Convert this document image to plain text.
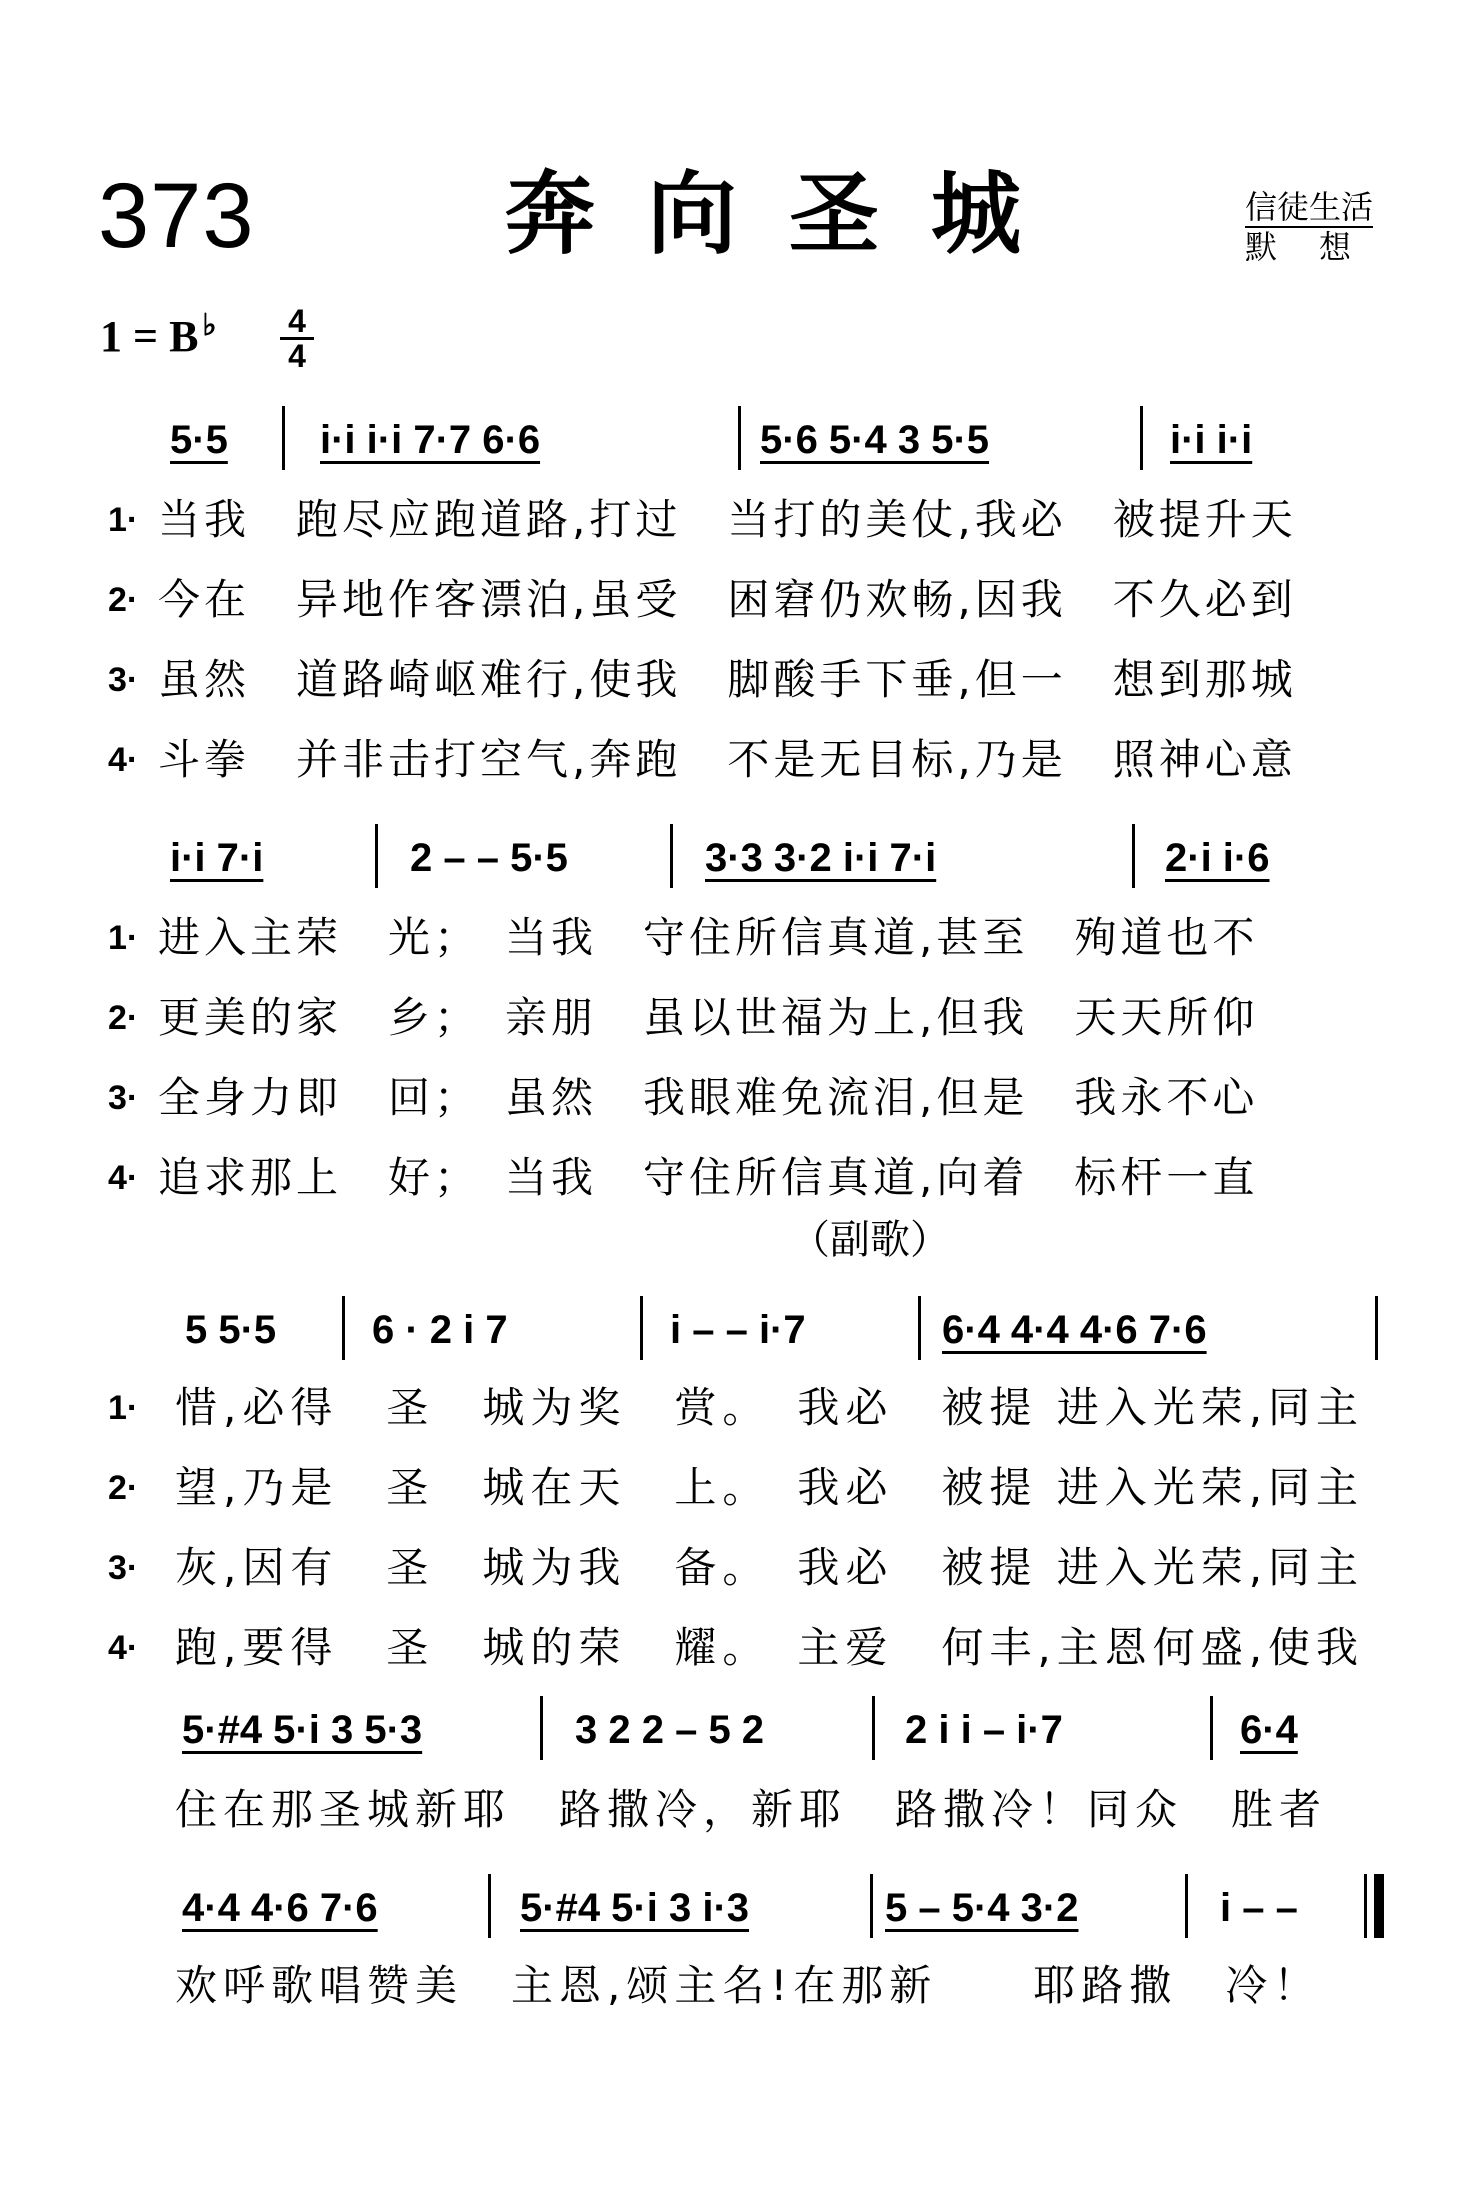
373	奔向圣城	信徒生活
默想
1 = B ♭ 4
4
5·5 i·i i·i 7·7 6·6	5·6 5·4 3 5·5	i·i i·i
1· 当我　跑尽应跑道路,打过　当打的美仗,我必　被提升天
2· 今在　异地作客漂泊,虽受　困窘仍欢畅,因我　不久必到
3· 虽然　道路崎岖难行,使我　脚酸手下垂,但一　想到那城
4· 斗拳　并非击打空气,奔跑　不是无目标,乃是　照神心意
i·i 7·i	2 – – 5·5	3·3 3·2 i·i 7·i	2·i i·6
1· 进入主荣　光；　当我　守住所信真道,甚至　殉道也不
2· 更美的家　乡；　亲朋　虽以世福为上,但我　天天所仰
3· 全身力即　回；　虽然　我眼难免流泪,但是　我永不心
4· 追求那上　好；　当我　守住所信真道,向着　标杆一直
（副歌）
5 5·5 6 · 2 i 7	i – – i·7	6·4 4·4 4·6 7·6
1· 惜,必得　圣　城为奖　赏。　我必　被提 进入光荣,同主
2· 望,乃是　圣　城在天　上。　我必　被提 进入光荣,同主
3· 灰,因有　圣　城为我　备。　我必　被提 进入光荣,同主
4· 跑,要得　圣　城的荣　耀。　主爱　何丰,主恩何盛,使我
5·#4 5·i 3 5·3	3 2 2 – 5 2	2 i i – i·7	6·4
住在那圣城新耶　路撒冷，新耶　路撒冷！同众　胜者
4·4 4·6 7·6	5·#4 5·i 3 i·3	5 – 5·4 3·2	i – –
欢呼歌唱赞美　主恩,颂主名!在那新　　耶路撒　冷！
